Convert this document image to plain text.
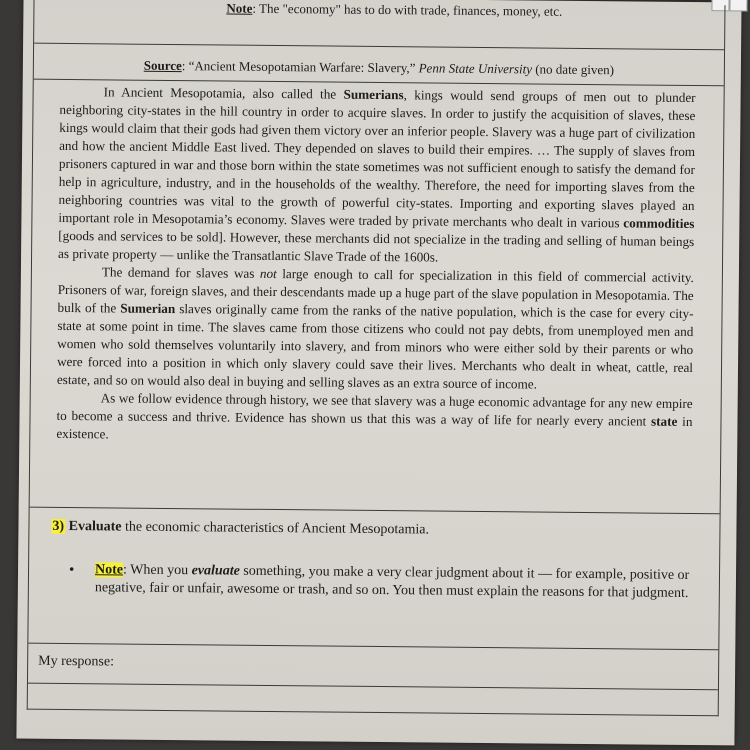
Note: The "economy" has to do with trade, finances, money, etc.
Source: “Ancient Mesopotamian Warfare: Slavery,” Penn State University (no date given)

In Ancient Mesopotamia, also called the Sumerians, kings would send groups of men out to plunder neighboring city-states in the hill country in order to acquire slaves. In order to justify the acquisition of slaves, these kings would claim that their gods had given them victory over an inferior people. Slavery was a huge part of civilization and how the ancient Middle East lived. They depended on slaves to build their empires. … The supply of slaves from prisoners captured in war and those born within the state sometimes was not sufficient enough to satisfy the demand for help in agriculture, industry, and in the households of the wealthy. Therefore, the need for importing slaves from the neighboring countries was vital to the growth of powerful city-states. Importing and exporting slaves played an important role in Mesopotamia’s economy. Slaves were traded by private merchants who dealt in various commodities [goods and services to be sold]. However, these merchants did not specialize in the trading and selling of human beings as private property — unlike the Transatlantic Slave Trade of the 1600s.

The demand for slaves was not large enough to call for specialization in this field of commercial activity. Prisoners of war, foreign slaves, and their descendants made up a huge part of the slave population in Mesopotamia. The bulk of the Sumerian slaves originally came from the ranks of the native population, which is the case for every city-state at some point in time. The slaves came from those citizens who could not pay debts, from unemployed men and women who sold themselves voluntarily into slavery, and from minors who were either sold by their parents or who were forced into a position in which only slavery could save their lives. Merchants who dealt in wheat, cattle, real estate, and so on would also deal in buying and selling slaves as an extra source of income.

As we follow evidence through history, we see that slavery was a huge economic advantage for any new empire to become a success and thrive. Evidence has shown us that this was a way of life for nearly every ancient state in existence.

3) Evaluate the economic characteristics of Ancient Mesopotamia.
• Note: When you evaluate something, you make a very clear judgment about it — for example, positive or negative, fair or unfair, awesome or trash, and so on. You then must explain the reasons for that judgment.
My response:
